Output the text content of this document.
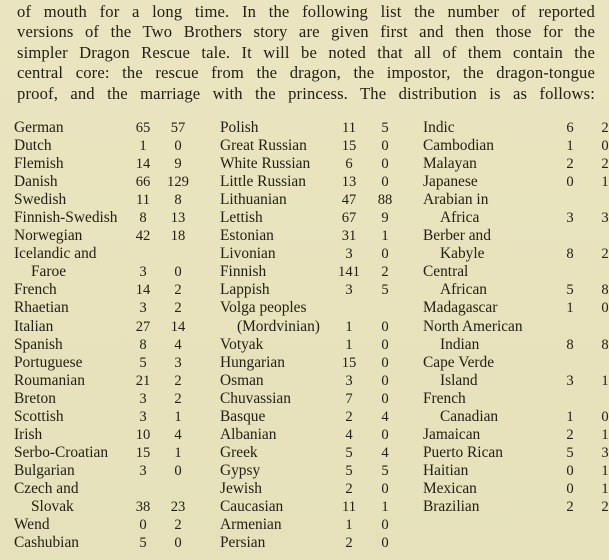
of mouth for a long time. In the following list the number of reported
versions of the Two Brothers story are given first and then those for the
simpler Dragon Rescue tale. It will be noted that all of them contain the
central core: the rescue from the dragon, the impostor, the dragon-tongue
proof, and the marriage with the princess. The distribution is as follows:
German	65	57
Dutch	1	0
Flemish	14	9
Danish	66	129
Swedish	11	8
Finnish-Swedish	8	13
Norwegian	42	18
Icelandic and
Faroe	3	0
French	14	2
Rhaetian	3	2
Italian	27	14
Spanish	8	4
Portuguese	5	3
Roumanian	21	2
Breton	3	2
Scottish	3	1
Irish	10	4
Serbo-Croatian	15	1
Bulgarian	3	0
Czech and
Slovak	38	23
Wend	0	2
Cashubian	5	0
Polish	11	5
Great Russian	15	0
White Russian	6	0
Little Russian	13	0
Lithuanian	47	88
Lettish	67	9
Estonian	31	1
Livonian	3	0
Finnish	141	2
Lappish	3	5
Volga peoples
(Mordvinian)	1	0
Votyak	1	0
Hungarian	15	0
Osman	3	0
Chuvassian	7	0
Basque	2	4
Albanian	4	0
Greek	5	4
Gypsy	5	5
Jewish	2	0
Caucasian	11	1
Armenian	1	0
Persian	2	0
Indic	6	2
Cambodian	1	0
Malayan	2	2
Japanese	0	1
Arabian in
Africa	3	3
Berber and
Kabyle	8	2
Central
African	5	8
Madagascar	1	0
North American
Indian	8	8
Cape Verde
Island	3	1
French
Canadian	1	0
Jamaican	2	1
Puerto Rican	5	3
Haitian	0	1
Mexican	0	1
Brazilian	2	2
